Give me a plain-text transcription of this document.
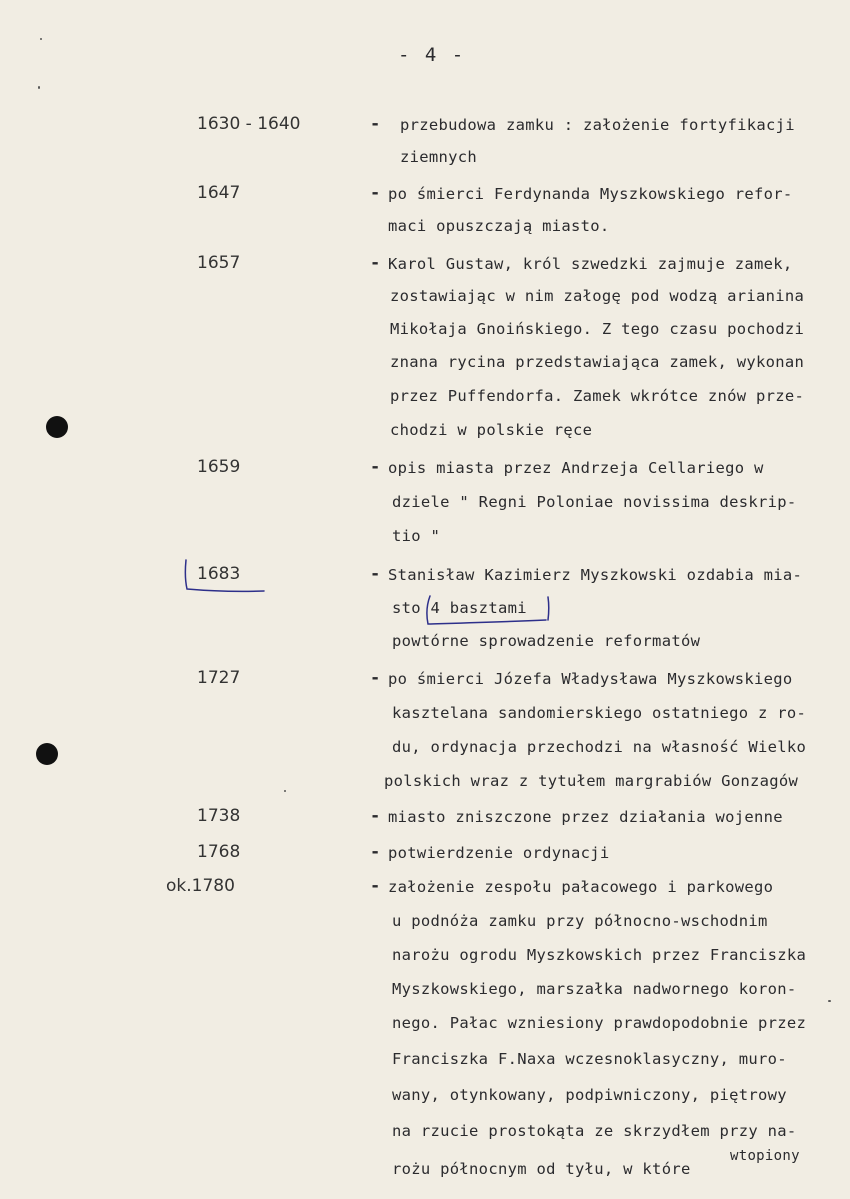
- 4 -
1630 - 1640	- przebudowa zamku : założenie fortyfikacji
ziemnych
1647	- po śmierci Ferdynanda Myszkowskiego refor-
maci opuszczają miasto.
1657	- Karol Gustaw, król szwedzki zajmuje zamek,
zostawiając w nim załogę pod wodzą arianina
Mikołaja Gnoińskiego. Z tego czasu pochodzi
znana rycina przedstawiająca zamek, wykonan
przez Puffendorfa. Zamek wkrótce znów prze-
chodzi w polskie ręce
1659	- opis miasta przez Andrzeja Cellariego w
dziele " Regni Poloniae novissima deskrip-
tio "
1683	- Stanisław Kazimierz Myszkowski ozdabia mia-
sto 4 basztami
powtórne sprowadzenie reformatów
1727	- po śmierci Józefa Władysława Myszkowskiego
kasztelana sandomierskiego ostatniego z ro-
du, ordynacja przechodzi na własność Wielko
polskich wraz z tytułem margrabiów Gonzagów
1738	- miasto zniszczone przez działania wojenne
1768	- potwierdzenie ordynacji
ok.1780	- założenie zespołu pałacowego i parkowego
u podnóża zamku przy północno-wschodnim
narożu ogrodu Myszkowskich przez Franciszka
Myszkowskiego, marszałka nadwornego koron-
nego. Pałac wzniesiony prawdopodobnie przez
Franciszka F.Naxa wczesnoklasyczny, muro-
wany, otynkowany, podpiwniczony, piętrowy
na rzucie prostokąta ze skrzydłem przy na-
rożu północnym od tyłu, w które
wtopiony
